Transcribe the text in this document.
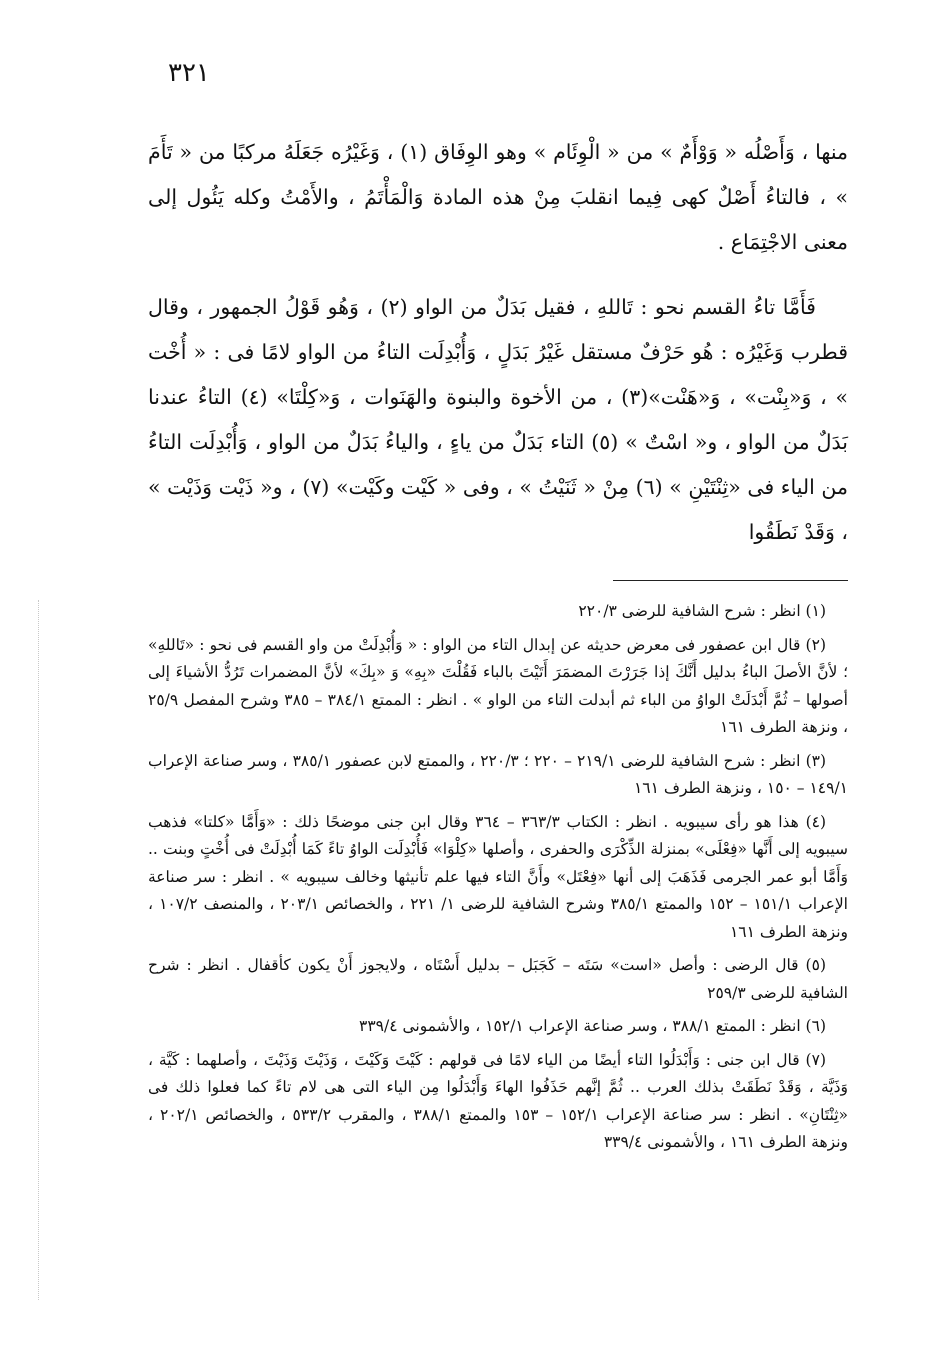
٣٢١

منها ، وَأَصْلُه « وَوْأَمٌ » من « الْوِئَام » وهو الوِفَاق (١) ، وَغَيْرُه جَعَلَهُ مركبًا من « تَأَمَ » ، فالتاءُ أَصْلٌ كهى فِيما انقلبَ مِنْ هذه المادة وَالْمَأْتَمُ ، والأَمْتُ وكله يَئُول إلى معنى الاجْتِمَاع .

فَأَمَّا تاءُ القسم نحو : تَاللهِ ، فقيل بَدَلٌ من الواو (٢) ، وَهُو قَوْلُ الجمهور ، وقال قطرب وَغَيْرُه : هُو حَرْفٌ مستقل غَيْرُ بَدَلٍ ، وَأُبْدِلَت التاءُ من الواو لامًا فى : « أُخْت » ، وَ«بِنْت» ، وَ«هَنْت»(٣) ، من الأخوة والبنوة والهَنَوات ، وَ«كِلْتَا» (٤) التاءُ عندنا بَدَلٌ من الواو ، و« اسْتٌ » (٥) التاء بَدَلٌ من ياءٍ ، والياءُ بَدَلٌ من الواو ، وَأُبْدِلَت التاءُ من الياء فى «ثِنْتَيْنِ » (٦) مِنْ « ثَنَيْتُ » ، وفى « كَيْت وكَيْت» (٧) ، و« ذَيْت وَذَيْت » ، وَقَدْ نَطَقُوا

(١) انظر : شرح الشافية للرضى ٢٢٠/٣

(٢) قال ابن عصفور فى معرض حديثه عن إبدال التاء من الواو : « وَأُبْدِلَتْ من واو القسم فى نحو : «تَاللهِ» ؛ لأنَّ الأصلَ الباءُ بدليل أَنَّكَ إذا جَرَرْتَ المضمَرَ أَتَيْتَ بالباء فَقُلْتَ «بِهِ» وَ «بِكَ» لأنَّ المضمرات تَرُدُّ الأشياءَ إلى أصولها – ثُمَّ أَبْدَلَتْ الواوُ من الباء ثم أبدلت التاء من الواو » . انظر : الممتع ٣٨٤/١ – ٣٨٥ وشرح المفصل ٢٥/٩ ، ونزهة الطرف ١٦١

(٣) انظر : شرح الشافية للرضى ٢١٩/١ – ٢٢٠ ؛ ٢٢٠/٣ ، والممتع لابن عصفور ٣٨٥/١ ، وسر صناعة الإعراب ١٤٩/١ – ١٥٠ ، ونزهة الطرف ١٦١

(٤) هذا هو رأى سيبويه . انظر : الكتاب ٣٦٣/٣ – ٣٦٤ وقال ابن جنى موضحًا ذلك : «وَأَمَّا «كلتا» فذهب سيبويه إلى أَنَّها «فِعْلَى» بمنزلة الذِّكْرَى والحفرى ، وأصلها «كِلْوَا» فَأُبْدِلَت الواوُ تاءً كَمَا أُبْدِلَتْ فى أُخْتٍ وبنت .. وَأَمَّا أبو عمر الجرمى فَذَهَبَ إلى أنها «فِعْتَل» وأَنَّ التاء فيها علم تأنيثها وخالف سيبويه » . انظر : سر صناعة الإعراب ١٥١/١ – ١٥٢ والممتع ٣٨٥/١ وشرح الشافية للرضى ١/ ٢٢١ ، والخصائص ٢٠٣/١ ، والمنصف ١٠٧/٢ ، ونزهة الطرف ١٦١

(٥) قال الرضى : وأصل «است» سَتَه – كَجَبَل – بدليل أَسْتَاه ، ولايجوز أَنْ يكون كأقفال . انظر : شرح الشافية للرضى ٢٥٩/٣

(٦) انظر : الممتع ٣٨٨/١ ، وسر صناعة الإعراب ١٥٢/١ ، والأشمونى ٣٣٩/٤

(٧) قال ابن جنى : وَأَبْدَلُوا التاء أيضًا من الياء لامًا فى قولهم : كَيْتَ وَكَيْتَ ، وَذَيْتَ وَذَيْتَ ، وأصلهما : كَيَّة ، وَذَيَّة ، وَقَدْ نَطَقَتْ بذلك العرب .. ثُمَّ إنَّهم حَذَفُوا الهاءَ وَأَبْدَلُوا مِن الياء التى هى لام تاءً كما فعلوا ذلك فى «ثِنْتَانِ» . انظر : سر صناعة الإعراب ١٥٢/١ – ١٥٣ والممتع ٣٨٨/١ ، والمقرب ٥٣٣/٢ ، والخصائص ٢٠٢/١ ، ونزهة الطرف ١٦١ ، والأشمونى ٣٣٩/٤
